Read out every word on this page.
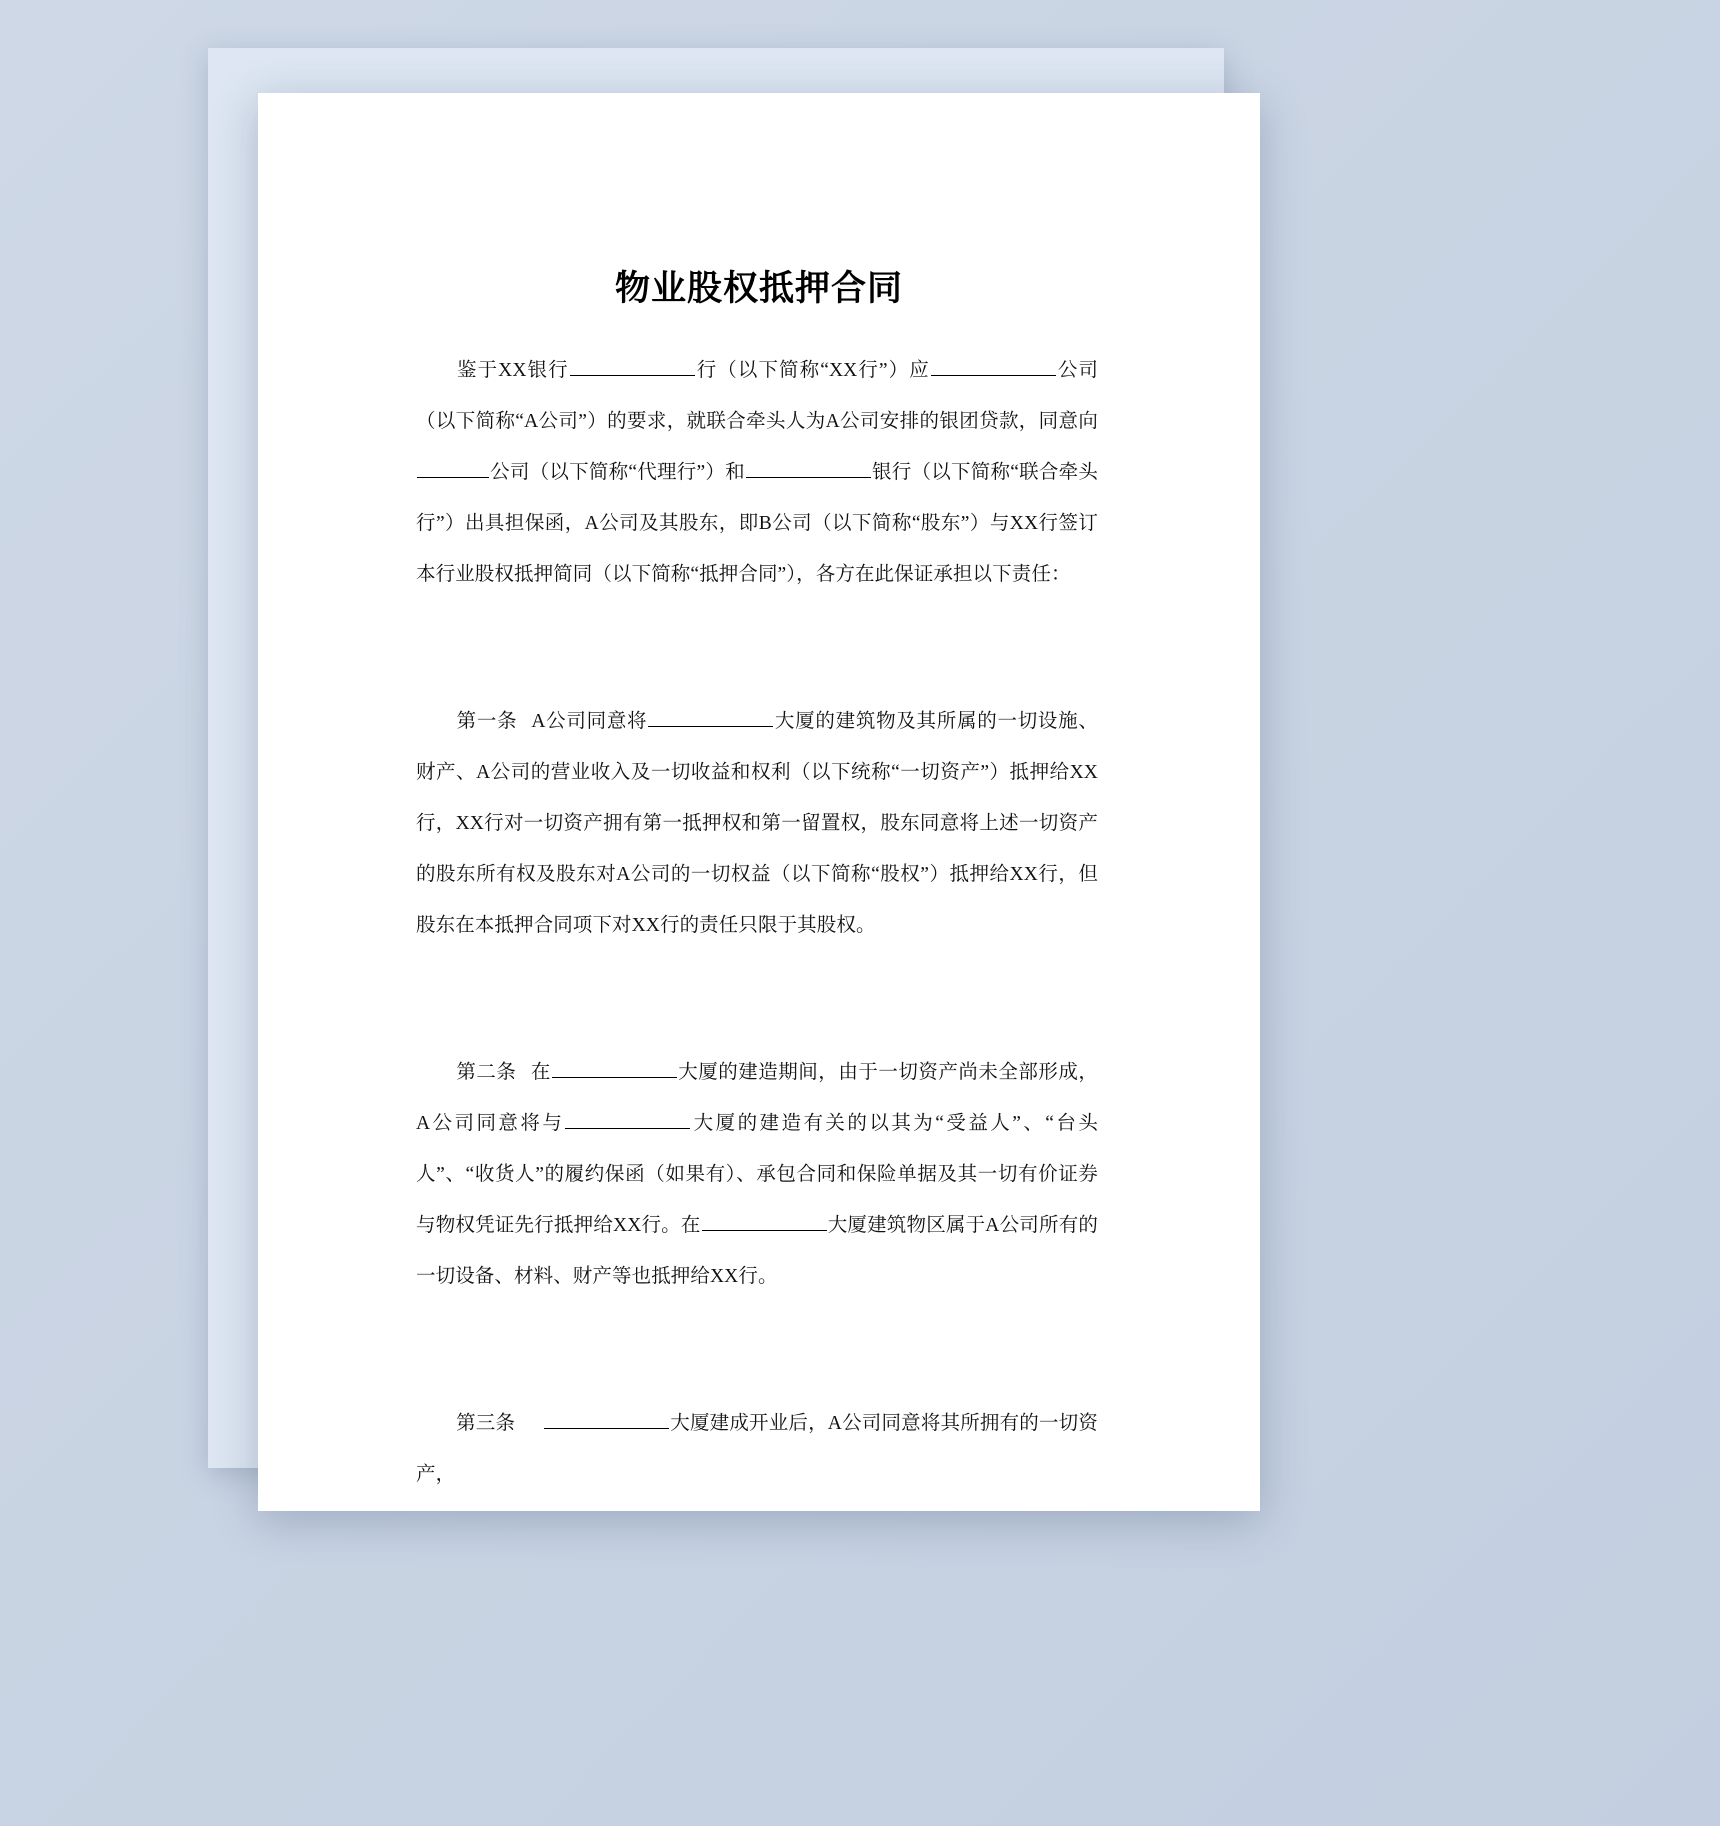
物业股权抵押合同

鉴于XX银行	行（以下简称“XX行”）应	公司（以下简称“A公司”）的要求，就联合牵头人为A公司安排的银团贷款，同意向公司（以下简称“代理行”）和	银行（以下简称“联合牵头行”）出具担保函，A公司及其股东，即B公司（以下简称“股东”）与XX行签订本行业股权抵押简同（以下简称“抵押合同”），各方在此保证承担以下责任：

第一条 A公司同意将	大厦的建筑物及其所属的一切设施、财产、A公司的营业收入及一切收益和权利（以下统称“一切资产”）抵押给XX行，XX行对一切资产拥有第一抵押权和第一留置权，股东同意将上述一切资产的股东所有权及股东对A公司的一切权益（以下简称“股权”）抵押给XX行，但股东在本抵押合同项下对XX行的责任只限于其股权。

第二条 在	大厦的建造期间，由于一切资产尚未全部形成，A公司同意将与	大厦的建造有关的以其为“受益人”、“台头人”、“收货人”的履约保函（如果有）、承包合同和保险单据及其一切有价证券与物权凭证先行抵押给XX行。在	大厦建筑物区属于A公司所有的一切设备、材料、财产等也抵押给XX行。

第三条	大厦建成开业后，A公司同意将其所拥有的一切资产，
